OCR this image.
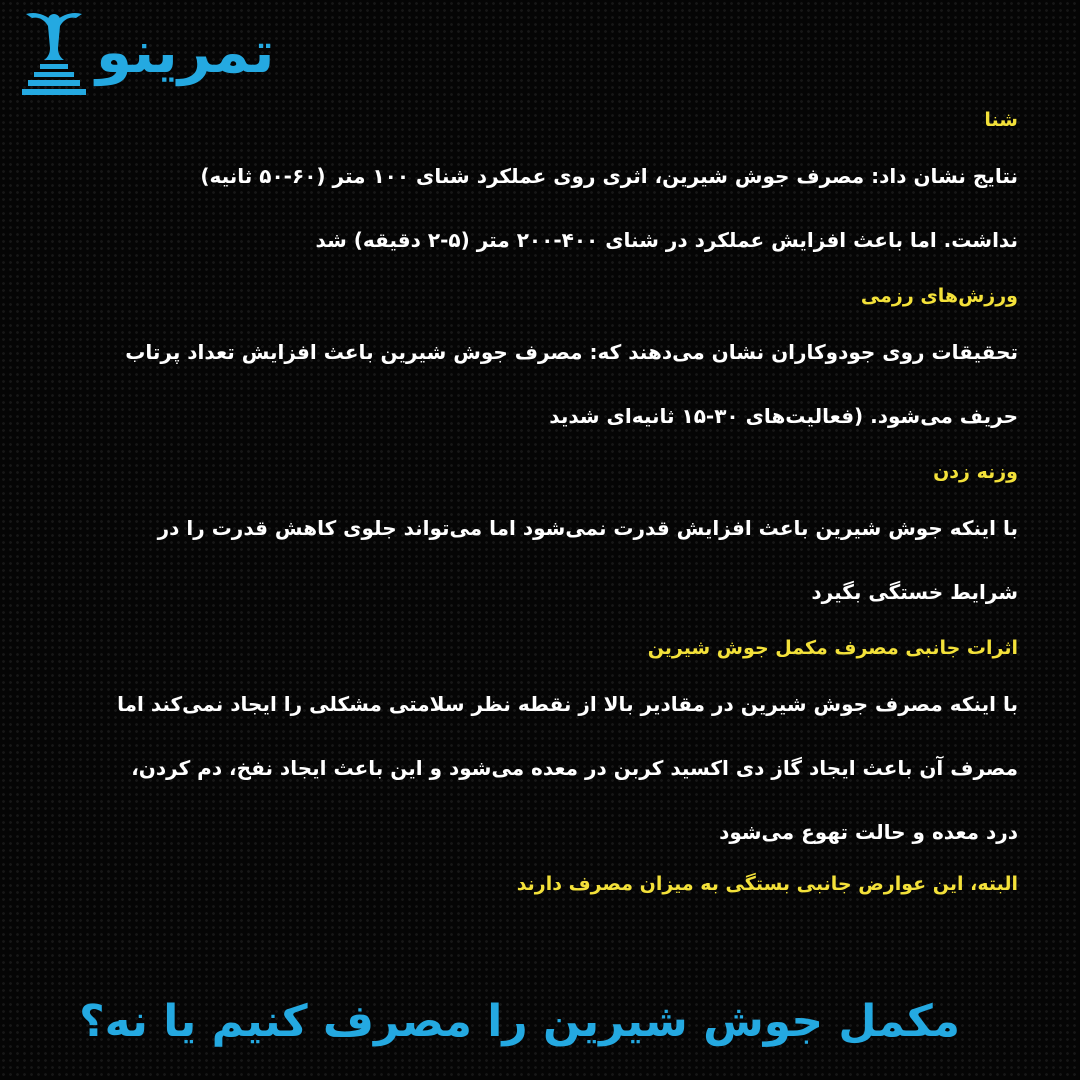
تمرینو
شنا
نتایج نشان داد: مصرف جوش شیرین، اثری روی عملکرد شنای ۱۰۰ متر (۶۰-۵۰ ثانیه)
نداشت. اما باعث افزایش عملکرد در شنای ۴۰۰-۲۰۰ متر (۵-۲ دقیقه) شد
ورزش‌های رزمی
تحقیقات روی جودوکاران نشان می‌دهند که: مصرف جوش شیرین باعث افزایش تعداد پرتاب
حریف می‌شود. (فعالیت‌های ۳۰-۱۵ ثانیه‌ای شدید
وزنه زدن
با اینکه جوش شیرین باعث افزایش قدرت نمی‌شود اما می‌تواند جلوی کاهش قدرت را در
شرایط خستگی بگیرد
اثرات جانبی مصرف مکمل جوش شیرین
با اینکه مصرف جوش شیرین در مقادیر بالا از نقطه نظر سلامتی مشکلی را ایجاد نمی‌کند اما
مصرف آن باعث ایجاد گاز دی اکسید کربن در معده می‌شود و این باعث ایجاد نفخ، دم کردن،
درد معده و حالت تهوع می‌شود
البته، این عوارض جانبی بستگی به میزان مصرف دارند
مکمل جوش شیرین را مصرف کنیم یا نه؟
